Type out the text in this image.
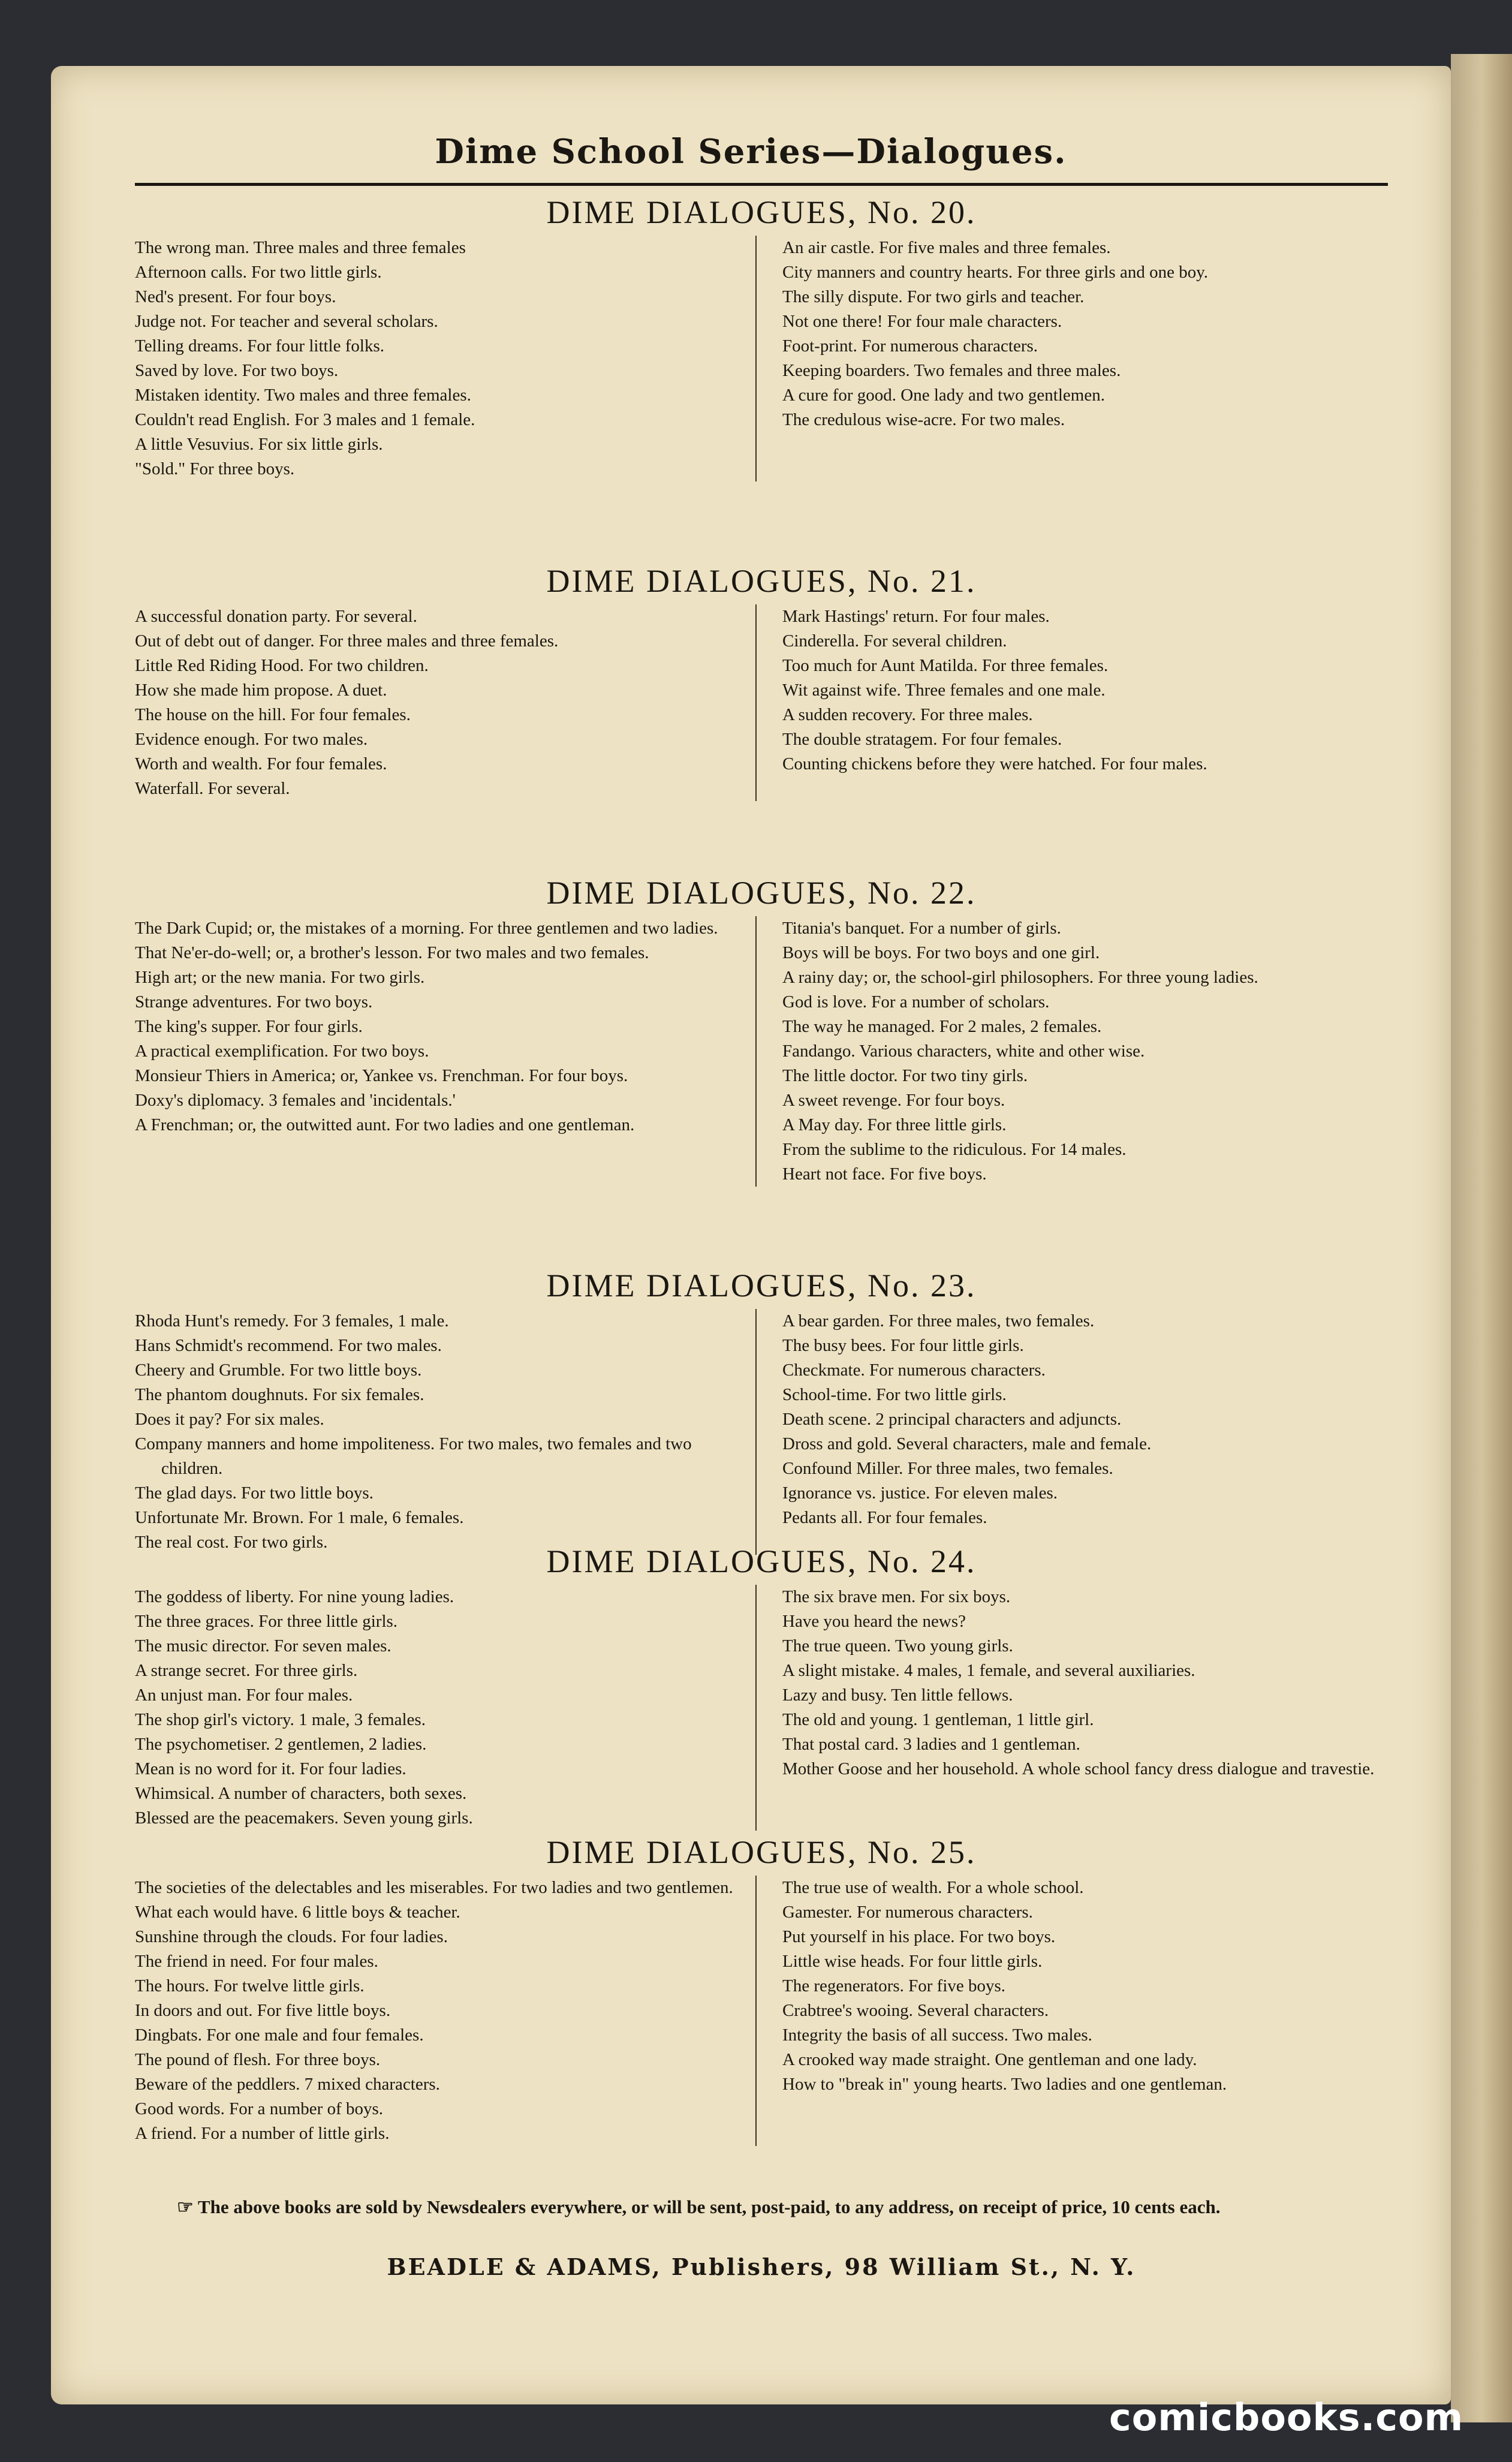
Dime School Series—Dialogues.
DIME DIALOGUES, No. 20.
The wrong man. Three males and three females
Afternoon calls. For two little girls.
Ned's present. For four boys.
Judge not. For teacher and several scholars.
Telling dreams. For four little folks.
Saved by love. For two boys.
Mistaken identity. Two males and three females.
Couldn't read English. For 3 males and 1 female.
A little Vesuvius. For six little girls.
"Sold." For three boys.
An air castle. For five males and three females.
City manners and country hearts. For three girls and one boy.
The silly dispute. For two girls and teacher.
Not one there! For four male characters.
Foot-print. For numerous characters.
Keeping boarders. Two females and three males.
A cure for good. One lady and two gentlemen.
The credulous wise-acre. For two males.
DIME DIALOGUES, No. 21.
A successful donation party. For several.
Out of debt out of danger. For three males and three females.
Little Red Riding Hood. For two children.
How she made him propose. A duet.
The house on the hill. For four females.
Evidence enough. For two males.
Worth and wealth. For four females.
Waterfall. For several.
Mark Hastings' return. For four males.
Cinderella. For several children.
Too much for Aunt Matilda. For three females.
Wit against wife. Three females and one male.
A sudden recovery. For three males.
The double stratagem. For four females.
Counting chickens before they were hatched. For four males.
DIME DIALOGUES, No. 22.
The Dark Cupid; or, the mistakes of a morning. For three gentlemen and two ladies.
That Ne'er-do-well; or, a brother's lesson. For two males and two females.
High art; or the new mania. For two girls.
Strange adventures. For two boys.
The king's supper. For four girls.
A practical exemplification. For two boys.
Monsieur Thiers in America; or, Yankee vs. Frenchman. For four boys.
Doxy's diplomacy. 3 females and 'incidentals.'
A Frenchman; or, the outwitted aunt. For two ladies and one gentleman.
Titania's banquet. For a number of girls.
Boys will be boys. For two boys and one girl.
A rainy day; or, the school-girl philosophers. For three young ladies.
God is love. For a number of scholars.
The way he managed. For 2 males, 2 females.
Fandango. Various characters, white and other wise.
The little doctor. For two tiny girls.
A sweet revenge. For four boys.
A May day. For three little girls.
From the sublime to the ridiculous. For 14 males.
Heart not face. For five boys.
DIME DIALOGUES, No. 23.
Rhoda Hunt's remedy. For 3 females, 1 male.
Hans Schmidt's recommend. For two males.
Cheery and Grumble. For two little boys.
The phantom doughnuts. For six females.
Does it pay? For six males.
Company manners and home impoliteness. For two males, two females and two children.
The glad days. For two little boys.
Unfortunate Mr. Brown. For 1 male, 6 females.
The real cost. For two girls.
A bear garden. For three males, two females.
The busy bees. For four little girls.
Checkmate. For numerous characters.
School-time. For two little girls.
Death scene. 2 principal characters and adjuncts.
Dross and gold. Several characters, male and female.
Confound Miller. For three males, two females.
Ignorance vs. justice. For eleven males.
Pedants all. For four females.
DIME DIALOGUES, No. 24.
The goddess of liberty. For nine young ladies.
The three graces. For three little girls.
The music director. For seven males.
A strange secret. For three girls.
An unjust man. For four males.
The shop girl's victory. 1 male, 3 females.
The psychometiser. 2 gentlemen, 2 ladies.
Mean is no word for it. For four ladies.
Whimsical. A number of characters, both sexes.
Blessed are the peacemakers. Seven young girls.
The six brave men. For six boys.
Have you heard the news?
The true queen. Two young girls.
A slight mistake. 4 males, 1 female, and several auxiliaries.
Lazy and busy. Ten little fellows.
The old and young. 1 gentleman, 1 little girl.
That postal card. 3 ladies and 1 gentleman.
Mother Goose and her household. A whole school fancy dress dialogue and travestie.
DIME DIALOGUES, No. 25.
The societies of the delectables and les miserables. For two ladies and two gentlemen.
What each would have. 6 little boys & teacher.
Sunshine through the clouds. For four ladies.
The friend in need. For four males.
The hours. For twelve little girls.
In doors and out. For five little boys.
Dingbats. For one male and four females.
The pound of flesh. For three boys.
Beware of the peddlers. 7 mixed characters.
Good words. For a number of boys.
A friend. For a number of little girls.
The true use of wealth. For a whole school.
Gamester. For numerous characters.
Put yourself in his place. For two boys.
Little wise heads. For four little girls.
The regenerators. For five boys.
Crabtree's wooing. Several characters.
Integrity the basis of all success. Two males.
A crooked way made straight. One gentleman and one lady.
How to "break in" young hearts. Two ladies and one gentleman.
☞ The above books are sold by Newsdealers everywhere, or will be sent, post-paid, to any address, on receipt of price, 10 cents each.
BEADLE & ADAMS, Publishers, 98 William St., N. Y.
comicbooks.com
